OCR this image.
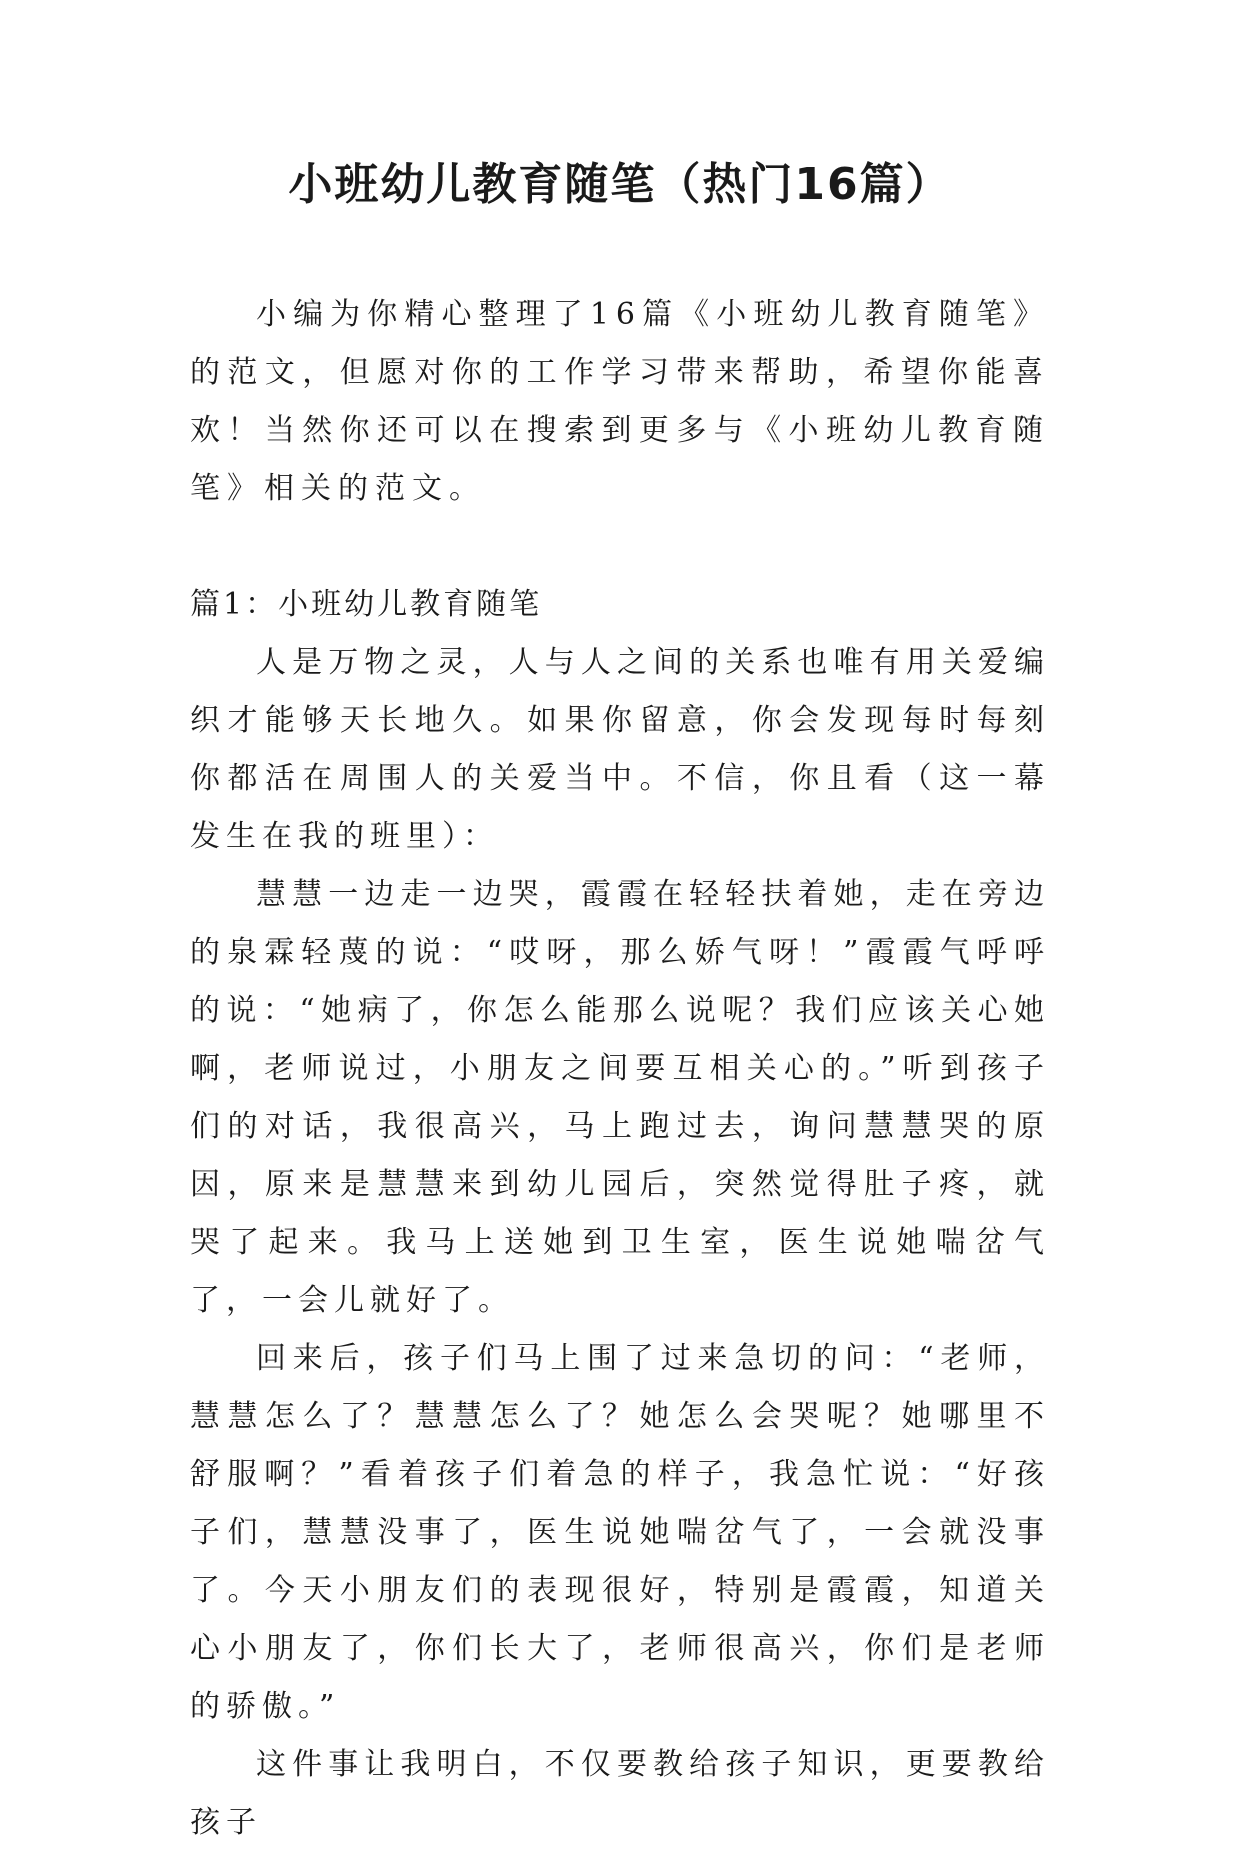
小班幼儿教育随笔（热门16篇）

小编为你精心整理了16篇《小班幼儿教育随笔》的范文，但愿对你的工作学习带来帮助，希望你能喜欢！当然你还可以在搜索到更多与《小班幼儿教育随笔》相关的范文。

篇1：小班幼儿教育随笔

人是万物之灵，人与人之间的关系也唯有用关爱编织才能够天长地久。如果你留意，你会发现每时每刻你都活在周围人的关爱当中。不信，你且看（这一幕发生在我的班里）：

慧慧一边走一边哭，霞霞在轻轻扶着她，走在旁边的泉霖轻蔑的说：“哎呀，那么娇气呀！”霞霞气呼呼的说：“她病了，你怎么能那么说呢？我们应该关心她啊，老师说过，小朋友之间要互相关心的。”听到孩子们的对话，我很高兴，马上跑过去，询问慧慧哭的原因，原来是慧慧来到幼儿园后，突然觉得肚子疼，就哭了起来。我马上送她到卫生室，医生说她喘岔气了，一会儿就好了。

回来后，孩子们马上围了过来急切的问：“老师，慧慧怎么了？慧慧怎么了？她怎么会哭呢？她哪里不舒服啊？”看着孩子们着急的样子，我急忙说：“好孩子们，慧慧没事了，医生说她喘岔气了，一会就没事了。今天小朋友们的表现很好，特别是霞霞，知道关心小朋友了，你们长大了，老师很高兴，你们是老师的骄傲。”

这件事让我明白，不仅要教给孩子知识，更要教给孩子
